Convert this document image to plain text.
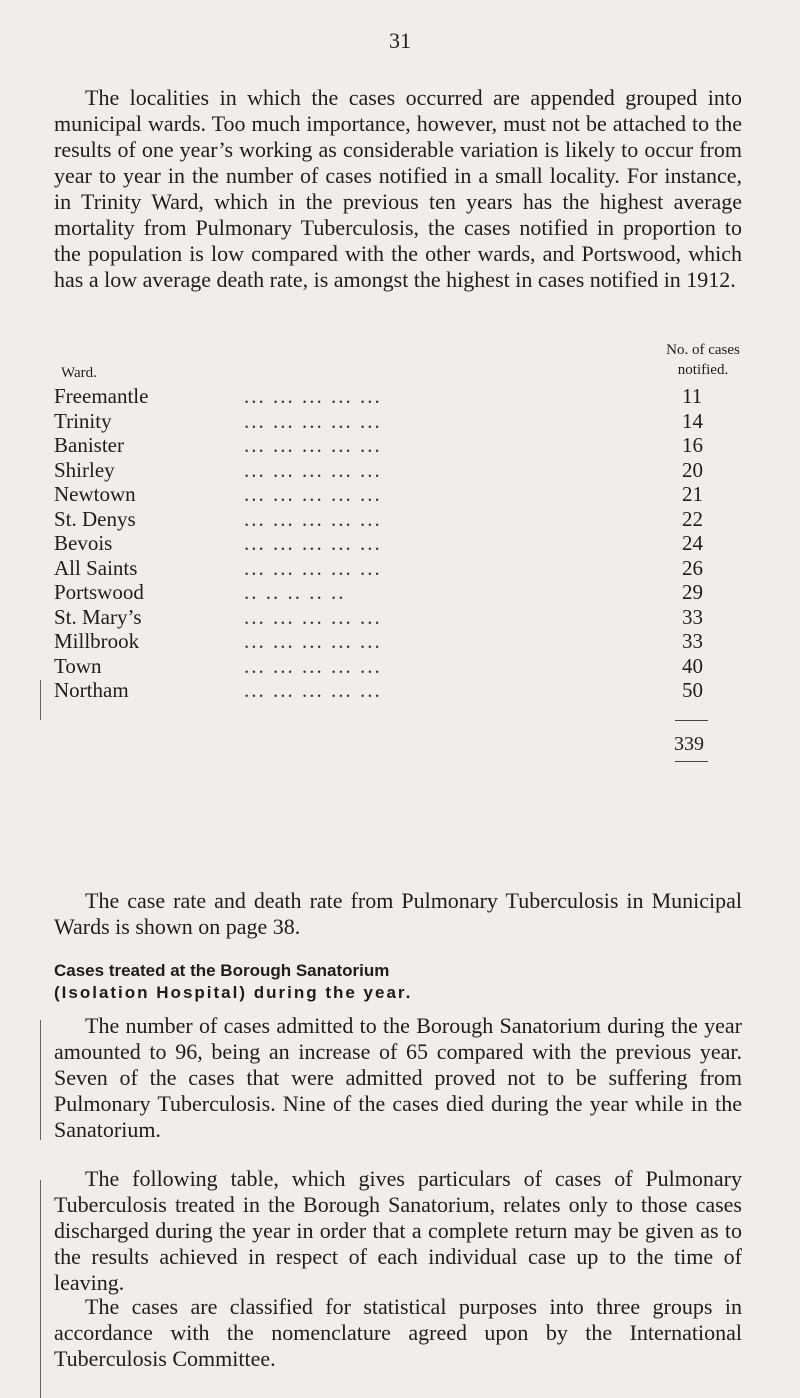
31

The localities in which the cases occurred are appended grouped into municipal wards. Too much importance, however, must not be attached to the results of one year’s working as considerable variation is likely to occur from year to year in the number of cases notified in a small locality. For instance, in Trinity Ward, which in the previous ten years has the highest average mortality from Pulmonary Tuberculosis, the cases notified in proportion to the population is low compared with the other wards, and Portswood, which has a low average death rate, is amongst the highest in cases notified in 1912.

No. of cases
notified.
Ward.
Freemantle	... ... ... ... ...	11
Trinity	... ... ... ... ...	14
Banister	... ... ... ... ...	16
Shirley	... ... ... ... ...	20
Newtown	... ... ... ... ...	21
St. Denys	... ... ... ... ...	22
Bevois	... ... ... ... ...	24
All Saints	... ... ... ... ...	26
Portswood	.. .. .. .. ..	29
St. Mary’s	... ... ... ... ...	33
Millbrook	... ... ... ... ...	33
Town	... ... ... ... ...	40
Northam	... ... ... ... ...	50
339

The case rate and death rate from Pulmonary Tuberculosis in Municipal Wards is shown on page 38.

Cases treated at the Borough Sanatorium
(Isolation Hospital) during the year.

The number of cases admitted to the Borough Sanatorium during the year amounted to 96, being an increase of 65 compared with the previous year. Seven of the cases that were admitted proved not to be suffering from Pulmonary Tuberculosis. Nine of the cases died during the year while in the Sanatorium.

The following table, which gives particulars of cases of Pulmonary Tuberculosis treated in the Borough Sanatorium, relates only to those cases discharged during the year in order that a complete return may be given as to the results achieved in respect of each individual case up to the time of leaving.

The cases are classified for statistical purposes into three groups in accordance with the nomenclature agreed upon by the International Tuberculosis Committee.
